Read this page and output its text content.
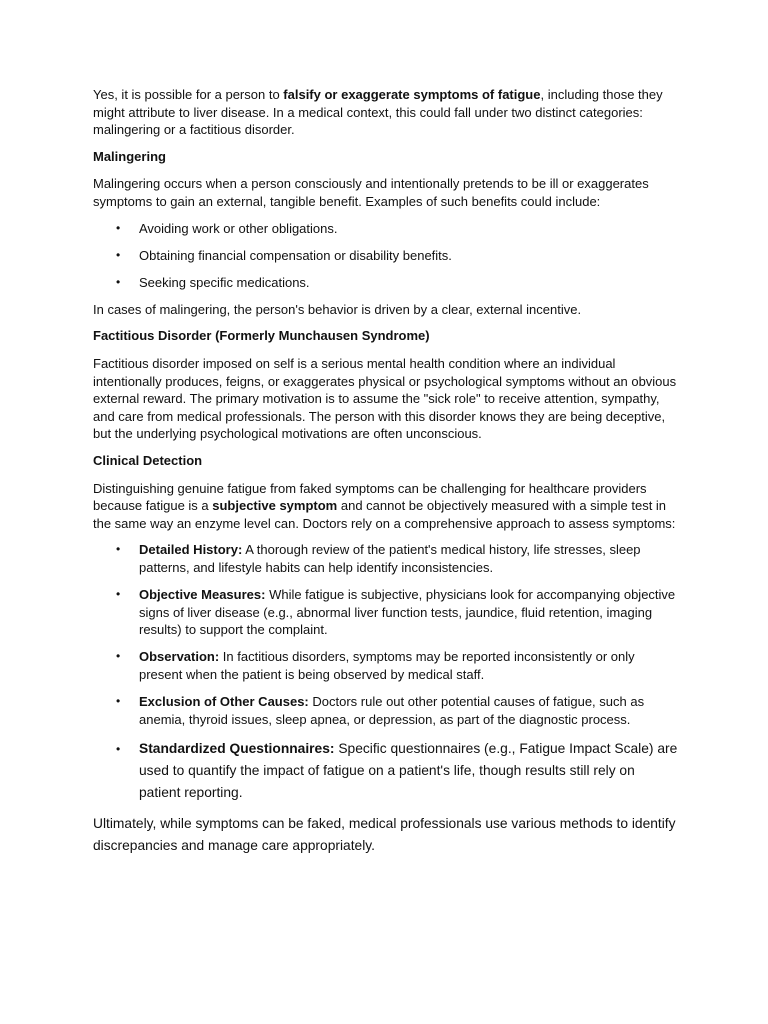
Yes, it is possible for a person to falsify or exaggerate symptoms of fatigue, including those they might attribute to liver disease. In a medical context, this could fall under two distinct categories: malingering or a factitious disorder.

Malingering

Malingering occurs when a person consciously and intentionally pretends to be ill or exaggerates symptoms to gain an external, tangible benefit. Examples of such benefits could include:

• Avoiding work or other obligations.
• Obtaining financial compensation or disability benefits.
• Seeking specific medications.

In cases of malingering, the person's behavior is driven by a clear, external incentive.

Factitious Disorder (Formerly Munchausen Syndrome)

Factitious disorder imposed on self is a serious mental health condition where an individual intentionally produces, feigns, or exaggerates physical or psychological symptoms without an obvious external reward. The primary motivation is to assume the "sick role" to receive attention, sympathy, and care from medical professionals. The person with this disorder knows they are being deceptive, but the underlying psychological motivations are often unconscious.

Clinical Detection

Distinguishing genuine fatigue from faked symptoms can be challenging for healthcare providers because fatigue is a subjective symptom and cannot be objectively measured with a simple test in the same way an enzyme level can. Doctors rely on a comprehensive approach to assess symptoms:

• Detailed History: A thorough review of the patient's medical history, life stresses, sleep patterns, and lifestyle habits can help identify inconsistencies.
• Objective Measures: While fatigue is subjective, physicians look for accompanying objective signs of liver disease (e.g., abnormal liver function tests, jaundice, fluid retention, imaging results) to support the complaint.
• Observation: In factitious disorders, symptoms may be reported inconsistently or only present when the patient is being observed by medical staff.
• Exclusion of Other Causes: Doctors rule out other potential causes of fatigue, such as anemia, thyroid issues, sleep apnea, or depression, as part of the diagnostic process.
• Standardized Questionnaires: Specific questionnaires (e.g., Fatigue Impact Scale) are used to quantify the impact of fatigue on a patient's life, though results still rely on patient reporting.

Ultimately, while symptoms can be faked, medical professionals use various methods to identify discrepancies and manage care appropriately.
